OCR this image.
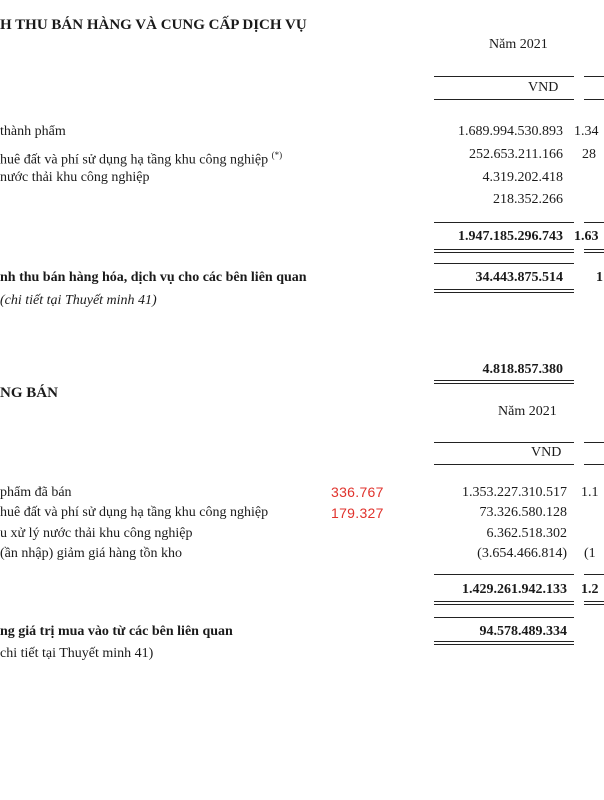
H THU BÁN HÀNG VÀ CUNG CẤP DỊCH VỤ
Năm 2021
VND
thành phẩm	1.689.994.530.893 1.34
huê đất và phí sử dụng hạ tầng khu công nghiệp (*)	252.653.211.166 28
nước thải khu công nghiệp	4.319.202.418
218.352.266
1.947.185.296.743 1.63
nh thu bán hàng hóa, dịch vụ cho các bên liên quan	34.443.875.514 1
(chi tiết tại Thuyết minh 41)
4.818.857.380
NG BÁN
Năm 2021
VND
phẩm đã bán	336.767	1.353.227.310.517 1.1
huê đất và phí sử dụng hạ tầng khu công nghiệp	179.327	73.326.580.128
u xử lý nước thải khu công nghiệp	6.362.518.302
(ần nhập) giảm giá hàng tồn kho	(3.654.466.814) (1
1.429.261.942.133 1.2
ng giá trị mua vào từ các bên liên quan	94.578.489.334
chi tiết tại Thuyết minh 41)
